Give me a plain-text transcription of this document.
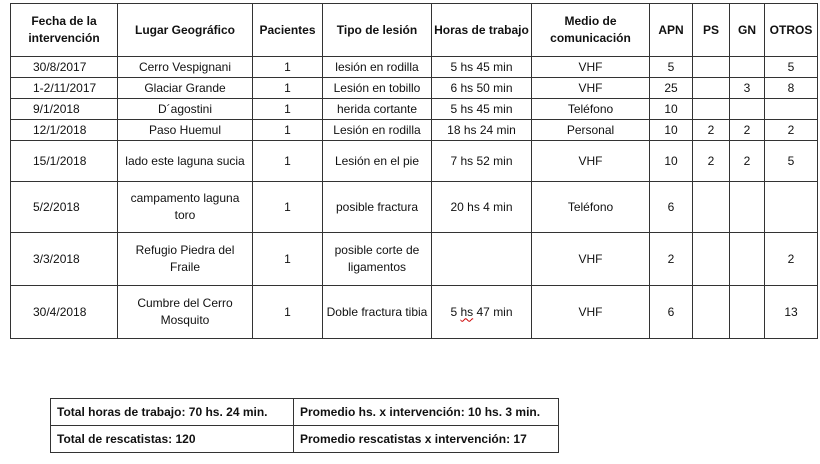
Fecha de la intervención	Lugar Geográfico	Pacientes	Tipo de lesión	Horas de trabajo	Medio de comunicación	APN	PS	GN	OTROS
30/8/2017	Cerro Vespignani	1	lesión en rodilla	5 hs 45 min	VHF	5			5
1-2/11/2017	Glaciar Grande	1	Lesión en tobillo	6 hs 50 min	VHF	25		3	8
9/1/2018	D´agostini	1	herida cortante	5 hs 45 min	Teléfono	10			
12/1/2018	Paso Huemul	1	Lesión en rodilla	18 hs 24 min	Personal	10	2	2	2
15/1/2018	lado este laguna sucia	1	Lesión en el pie	7 hs 52 min	VHF	10	2	2	5
5/2/2018	campamento laguna toro	1	posible fractura	20 hs 4 min	Teléfono	6			
3/3/2018	Refugio Piedra del Fraile	1	posible corte de ligamentos		VHF	2			2
30/4/2018	Cumbre del Cerro Mosquito	1	Doble fractura tibia	5 hs 47 min	VHF	6			13
Total horas de trabajo: 70 hs. 24 min.	Promedio hs. x intervención: 10 hs. 3 min.
Total de rescatistas: 120	Promedio rescatistas x intervención: 17
